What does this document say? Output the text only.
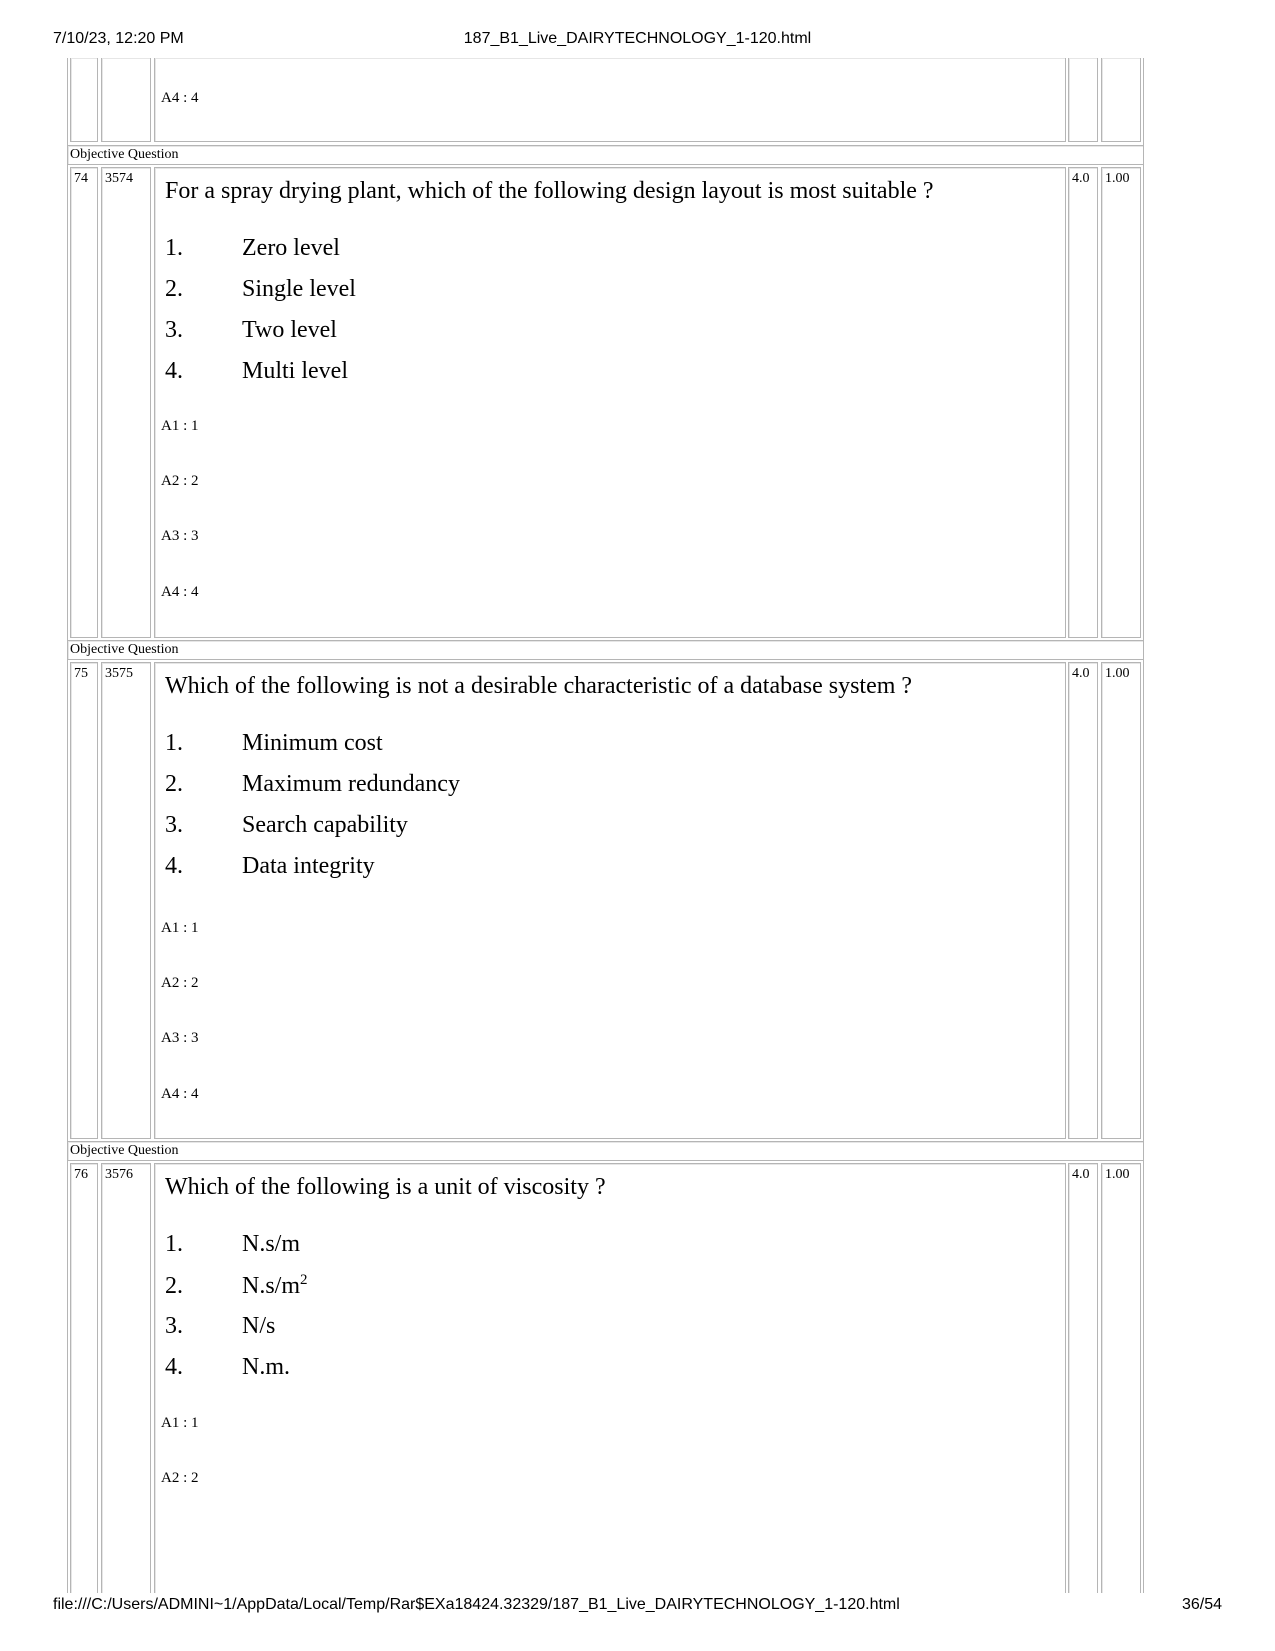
7/10/23, 12:20 PM	187_B1_Live_DAIRYTECHNOLOGY_1-120.html
A4 : 4
Objective Question
74 3574 For a spray drying plant, which of the following design layout is most suitable ?
1. Zero level
2. Single level
3. Two level
4. Multi level
A1 : 1
A2 : 2
A3 : 3
A4 : 4
4.0 1.00
Objective Question
75 3575 Which of the following is not a desirable characteristic of a database system ?
1. Minimum cost
2. Maximum redundancy
3. Search capability
4. Data integrity
A1 : 1
A2 : 2
A3 : 3
A4 : 4
4.0 1.00
Objective Question
76 3576 Which of the following is a unit of viscosity ?
1. N.s/m
2. $N.s/m^2$
3. N/s
4. N.m.
A1 : 1
A2 : 2
4.0 1.00
file:///C:/Users/ADMINI~1/AppData/Local/Temp/Rar$EXa18424.32329/187_B1_Live_DAIRYTECHNOLOGY_1-120.html	36/54
